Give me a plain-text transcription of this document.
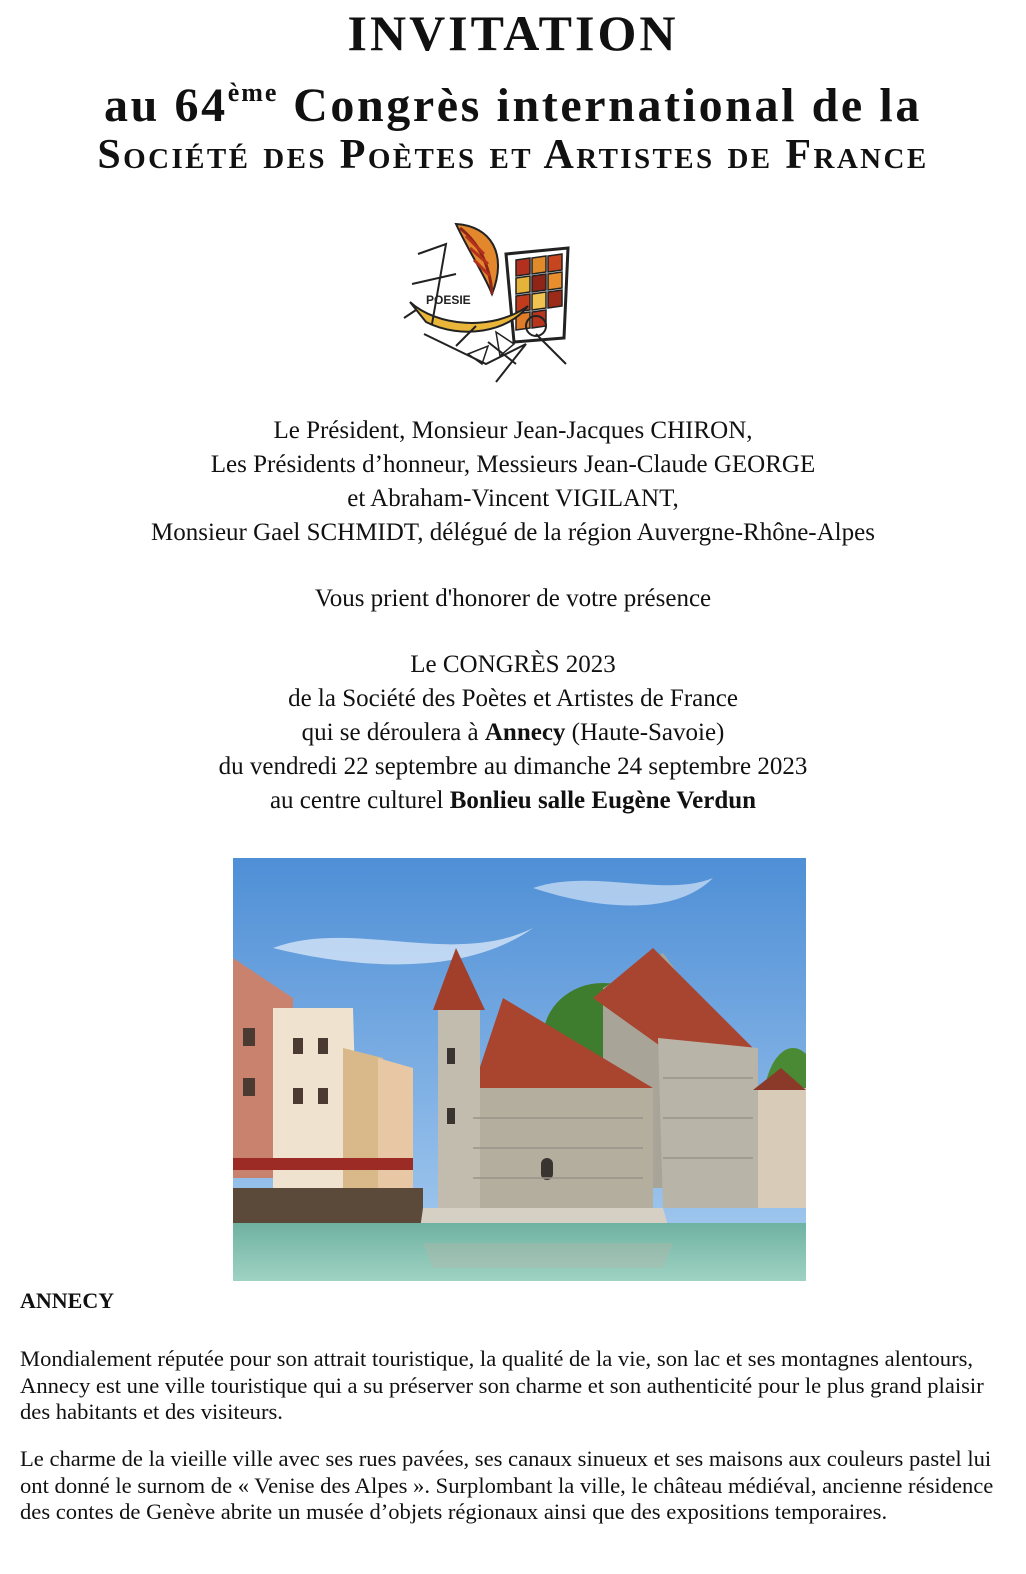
INVITATION
au 64ème Congrès international de la
Société des Poètes et Artistes de France
POESIE
Le Président, Monsieur Jean-Jacques CHIRON,
Les Présidents d’honneur, Messieurs Jean-Claude GEORGE
et Abraham-Vincent VIGILANT,
Monsieur Gael SCHMIDT, délégué de la région Auvergne-Rhône-Alpes
Vous prient d'honorer de votre présence
Le CONGRÈS 2023
de la Société des Poètes et Artistes de France
qui se déroulera à Annecy (Haute-Savoie)
du vendredi 22 septembre au dimanche 24 septembre 2023
au centre culturel Bonlieu salle Eugène Verdun
ANNECY
Mondialement réputée pour son attrait touristique, la qualité de la vie, son lac et ses montagnes alentours, Annecy est une ville touristique qui a su préserver son charme et son authenticité pour le plus grand plaisir des habitants et des visiteurs.
Le charme de la vieille ville avec ses rues pavées, ses canaux sinueux et ses maisons aux couleurs pastel lui ont donné le surnom de « Venise des Alpes ». Surplombant la ville, le château médiéval, ancienne résidence des contes de Genève abrite un musée d’objets régionaux ainsi que des expositions temporaires.
